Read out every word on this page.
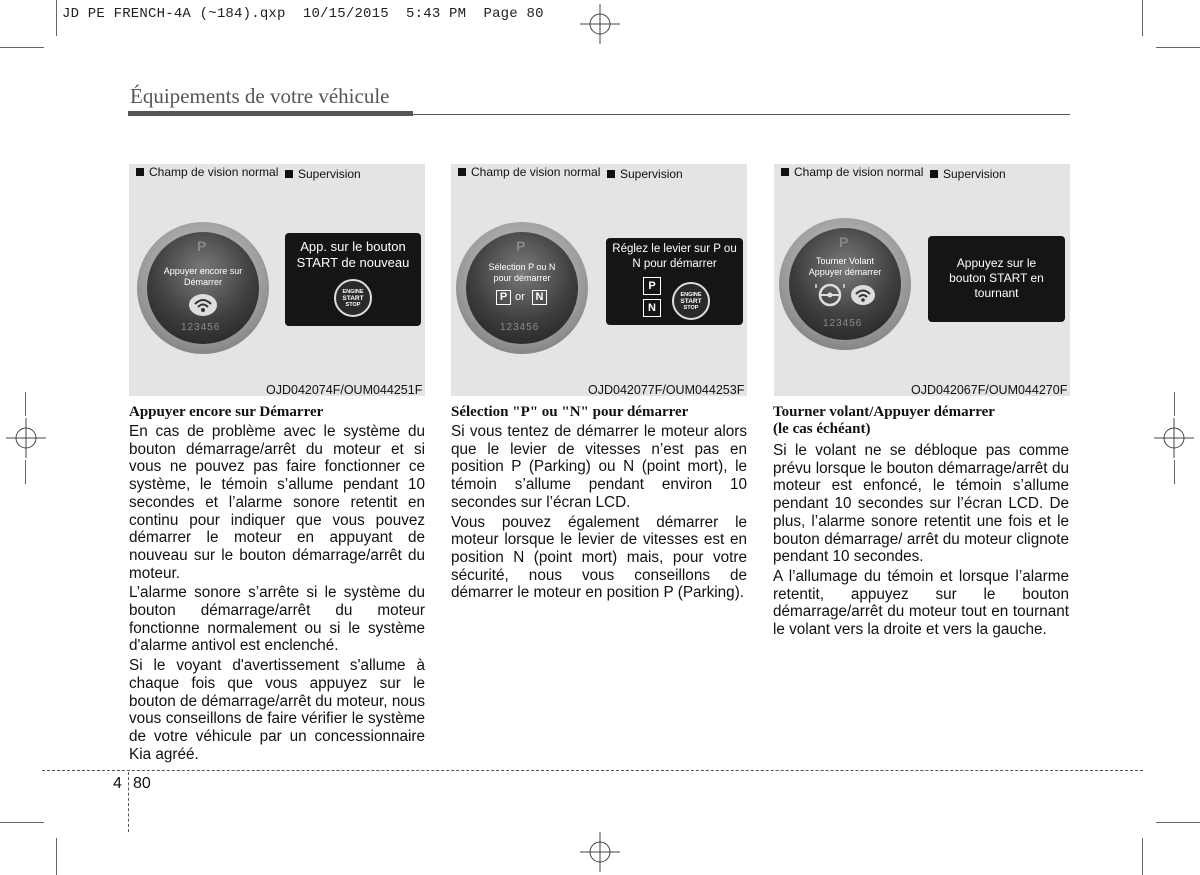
JD PE FRENCH-4A (~184).qxp  10/15/2015  5:43 PM  Page 80
Équipements de votre véhicule
Champ de vision normal	Supervision
P
Appuyer encore sur Démarrer
123456
App. sur le bouton START de nouveau
ENGINE
START
STOP
OJD042074F/OUM044251F
Champ de vision normal	Supervision
P
Sélection P ou N pour démarrer
P or N
123456
Réglez le levier sur P ou N pour démarrer
P
N
ENGINE
START
STOP
OJD042077F/OUM044253F
Champ de vision normal	Supervision
P
Tourner Volant Appuyer démarrer
123456
Appuyez sur le bouton START en tournant
OJD042067F/OUM044270F
Appuyer encore sur Démarrer

En cas de problème avec le système du bouton démarrage/arrêt du moteur et si vous ne pouvez pas faire fonctionner ce système, le témoin s’allume pendant 10 secondes et l’alarme sonore retentit en continu pour indiquer que vous pouvez démarrer le moteur en appuyant de nouveau sur le bouton démarrage/arrêt du moteur.

L’alarme sonore s’arrête si le système du bouton démarrage/arrêt du moteur fonctionne normalement ou si le système d'alarme antivol est enclenché.

Si le voyant d'avertissement s'allume à chaque fois que vous appuyez sur le bouton de démarrage/arrêt du moteur, nous vous conseillons de faire vérifier le système de votre véhicule par un concessionnaire Kia agréé.

Sélection "P" ou "N" pour démarrer

Si vous tentez de démarrer le moteur alors que le levier de vitesses n’est pas en position P (Parking) ou N (point mort), le témoin s’allume pendant environ 10 secondes sur l’écran LCD.

Vous pouvez également démarrer le moteur lorsque le levier de vitesses est en position N (point mort) mais, pour votre sécurité, nous vous conseillons de démarrer le moteur en position P (Parking).

Tourner volant/Appuyer démarrer
(le cas échéant)

Si le volant ne se débloque pas comme prévu lorsque le bouton démarrage/arrêt du moteur est enfoncé, le témoin s’allume pendant 10 secondes sur l’écran LCD. De plus, l’alarme sonore retentit une fois et le bouton démarrage/ arrêt du moteur clignote pendant 10 secondes.

A l’allumage du témoin et lorsque l’alarme retentit, appuyez sur le bouton démarrage/arrêt du moteur tout en tournant le volant vers la droite et vers la gauche.

4 80
